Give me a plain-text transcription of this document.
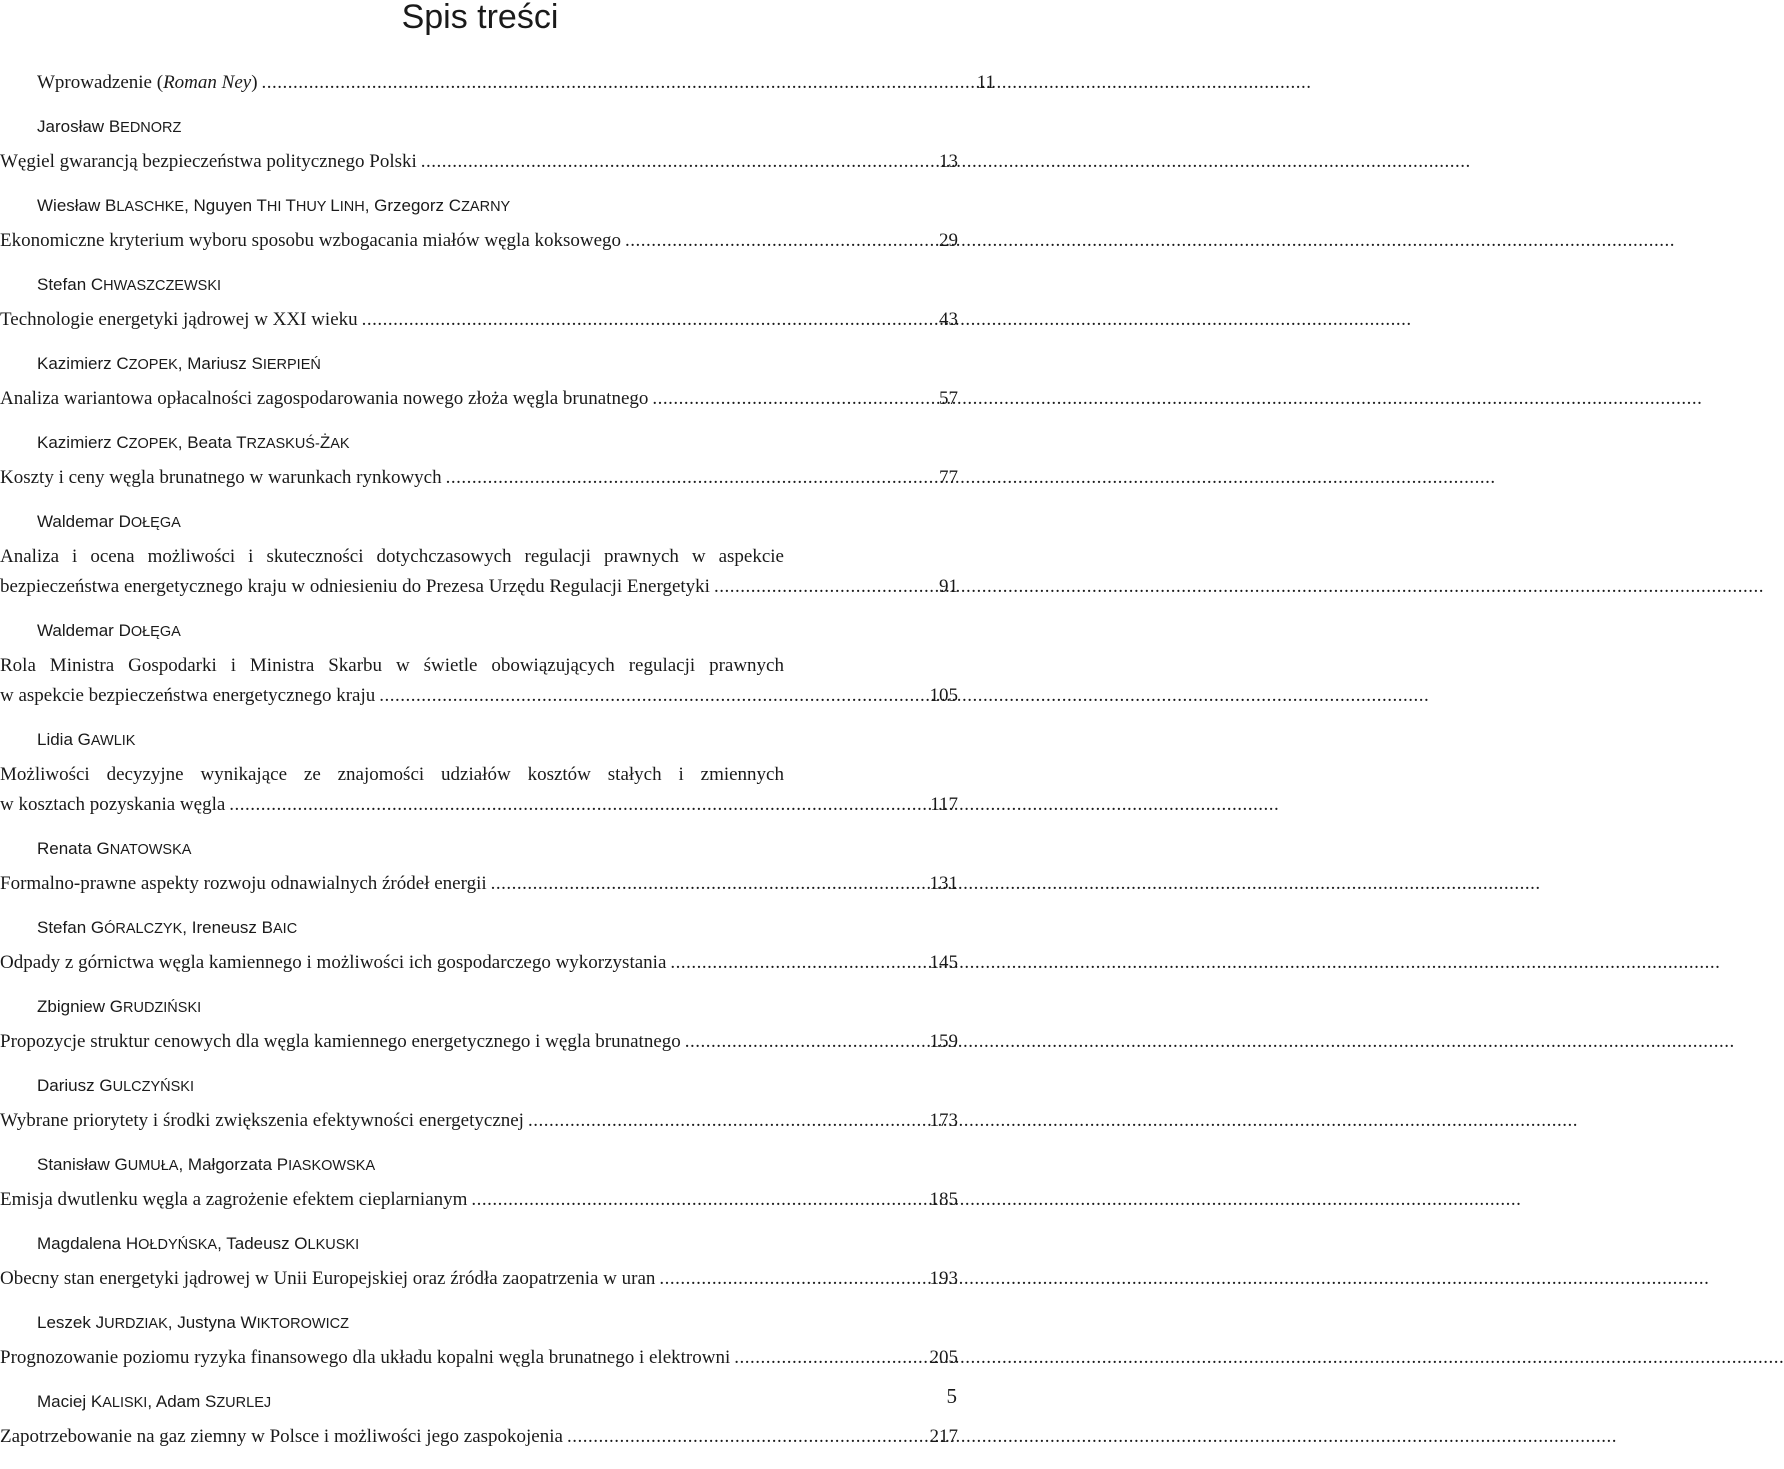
Spis treści
Wprowadzenie (Roman Ney) .....	11
Jarosław BEDNORZ
Węgiel gwarancją bezpieczeństwa politycznego Polski .....	13
Wiesław BLASCHKE, Nguyen THI THUY LINH, Grzegorz CZARNY
Ekonomiczne kryterium wyboru sposobu wzbogacania miałów węgla koksowego .....	29
Stefan CHWASZCZEWSKI
Technologie energetyki jądrowej w XXI wieku .....	43
Kazimierz CZOPEK, Mariusz SIERPIEŃ
Analiza wariantowa opłacalności zagospodarowania nowego złoża węgla brunatnego .....	57
Kazimierz CZOPEK, Beata TRZASKUŚ-ŻAK
Koszty i ceny węgla brunatnego w warunkach rynkowych .....	77
Waldemar DOŁĘGA
Analiza i ocena możliwości i skuteczności dotychczasowych regulacji prawnych w aspekcie
bezpieczeństwa energetycznego kraju w odniesieniu do Prezesa Urzędu Regulacji Energetyki .....	91
Waldemar DOŁĘGA
Rola Ministra Gospodarki i Ministra Skarbu w świetle obowiązujących regulacji prawnych
w aspekcie bezpieczeństwa energetycznego kraju .....	105
Lidia GAWLIK
Możliwości decyzyjne wynikające ze znajomości udziałów kosztów stałych i zmiennych
w kosztach pozyskania węgla .....	117
Renata GNATOWSKA
Formalno-prawne aspekty rozwoju odnawialnych źródeł energii .....	131
Stefan GÓRALCZYK, Ireneusz BAIC
Odpady z górnictwa węgla kamiennego i możliwości ich gospodarczego wykorzystania .....	145
Zbigniew GRUDZIŃSKI
Propozycje struktur cenowych dla węgla kamiennego energetycznego i węgla brunatnego .....	159
Dariusz GULCZYŃSKI
Wybrane priorytety i środki zwiększenia efektywności energetycznej .....	173
Stanisław GUMUŁA, Małgorzata PIASKOWSKA
Emisja dwutlenku węgla a zagrożenie efektem cieplarnianym .....	185
Magdalena HOŁDYŃSKA, Tadeusz OLKUSKI
Obecny stan energetyki jądrowej w Unii Europejskiej oraz źródła zaopatrzenia w uran .....	193
Leszek JURDZIAK, Justyna WIKTOROWICZ
Prognozowanie poziomu ryzyka finansowego dla układu kopalni węgla brunatnego i elektrowni .....	205
Maciej KALISKI, Adam SZURLEJ
Zapotrzebowanie na gaz ziemny w Polsce i możliwości jego zaspokojenia .....	217
5
